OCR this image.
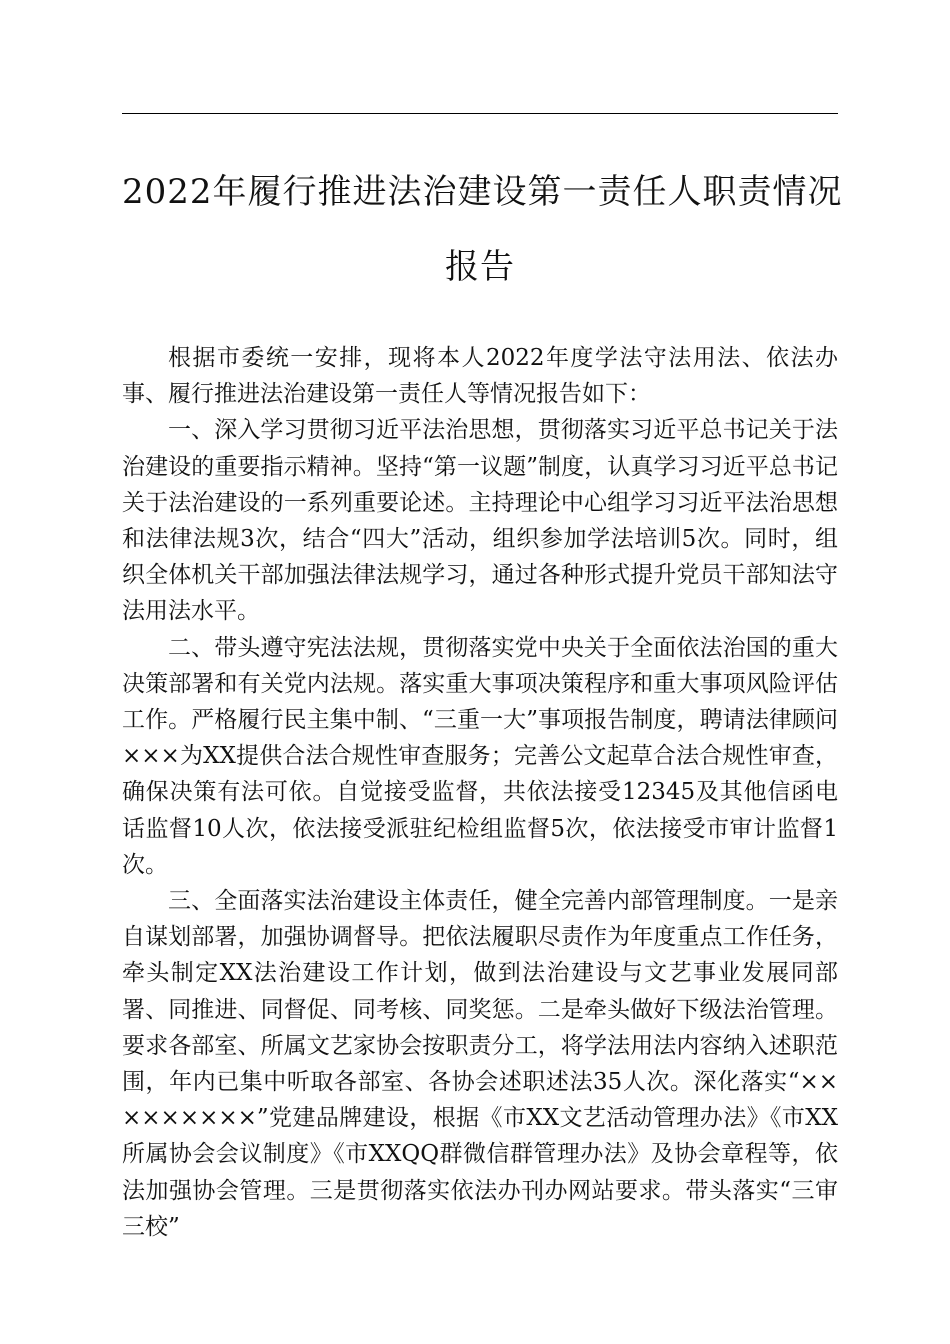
2022年履行推进法治建设第一责任人职责情况

报告

根据市委统一安排，现将本人2022年度学法守法用法、依法办事、履行推进法治建设第一责任人等情况报告如下：

一、深入学习贯彻习近平法治思想，贯彻落实习近平总书记关于法治建设的重要指示精神。坚持“第一议题”制度，认真学习习近平总书记关于法治建设的一系列重要论述。主持理论中心组学习习近平法治思想和法律法规3次，结合“四大”活动，组织参加学法培训5次。同时，组织全体机关干部加强法律法规学习，通过各种形式提升党员干部知法守法用法水平。

二、带头遵守宪法法规，贯彻落实党中央关于全面依法治国的重大决策部署和有关党内法规。落实重大事项决策程序和重大事项风险评估工作。严格履行民主集中制、“三重一大”事项报告制度，聘请法律顾问×××为XX提供合法合规性审查服务；完善公文起草合法合规性审查，确保决策有法可依。自觉接受监督，共依法接受12345及其他信函电话监督10人次，依法接受派驻纪检组监督5次，依法接受市审计监督1次。

三、全面落实法治建设主体责任，健全完善内部管理制度。一是亲自谋划部署，加强协调督导。把依法履职尽责作为年度重点工作任务，牵头制定XX法治建设工作计划，做到法治建设与文艺事业发展同部署、同推进、同督促、同考核、同奖惩。二是牵头做好下级法治管理。要求各部室、所属文艺家协会按职责分工，将学法用法内容纳入述职范围，年内已集中听取各部室、各协会述职述法35人次。深化落实“×××××××××”党建品牌建设，根据《市XX文艺活动管理办法》《市XX所属协会会议制度》《市XXQQ群微信群管理办法》及协会章程等，依法加强协会管理。三是贯彻落实依法办刊办网站要求。带头落实“三审三校”
